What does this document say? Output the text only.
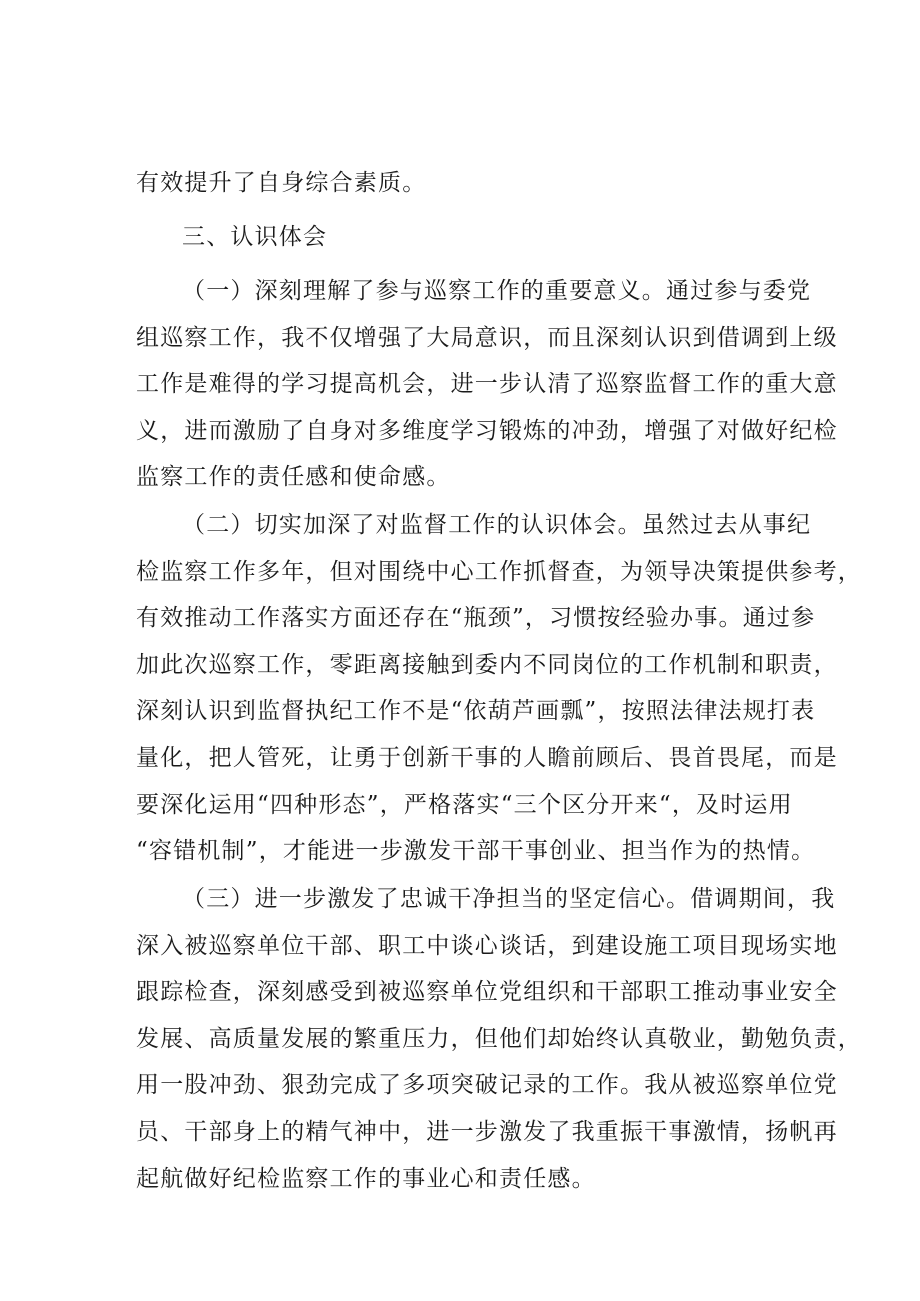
有效提升了自身综合素质。
三、认识体会
（一）深刻理解了参与巡察工作的重要意义。通过参与委党
组巡察工作，我不仅增强了大局意识，而且深刻认识到借调到上级
工作是难得的学习提高机会，进一步认清了巡察监督工作的重大意
义，进而激励了自身对多维度学习锻炼的冲劲，增强了对做好纪检
监察工作的责任感和使命感。
（二）切实加深了对监督工作的认识体会。虽然过去从事纪
检监察工作多年，但对围绕中心工作抓督查，为领导决策提供参考，
有效推动工作落实方面还存在“瓶颈”，习惯按经验办事。通过参
加此次巡察工作，零距离接触到委内不同岗位的工作机制和职责，
深刻认识到监督执纪工作不是“依葫芦画瓢”，按照法律法规打表
量化，把人管死，让勇于创新干事的人瞻前顾后、畏首畏尾，而是
要深化运用“四种形态”，严格落实“三个区分开来“，及时运用
“容错机制”，才能进一步激发干部干事创业、担当作为的热情。
（三）进一步激发了忠诚干净担当的坚定信心。借调期间，我
深入被巡察单位干部、职工中谈心谈话，到建设施工项目现场实地
跟踪检查，深刻感受到被巡察单位党组织和干部职工推动事业安全
发展、高质量发展的繁重压力，但他们却始终认真敬业，勤勉负责，
用一股冲劲、狠劲完成了多项突破记录的工作。我从被巡察单位党
员、干部身上的精气神中，进一步激发了我重振干事激情，扬帆再
起航做好纪检监察工作的事业心和责任感。
